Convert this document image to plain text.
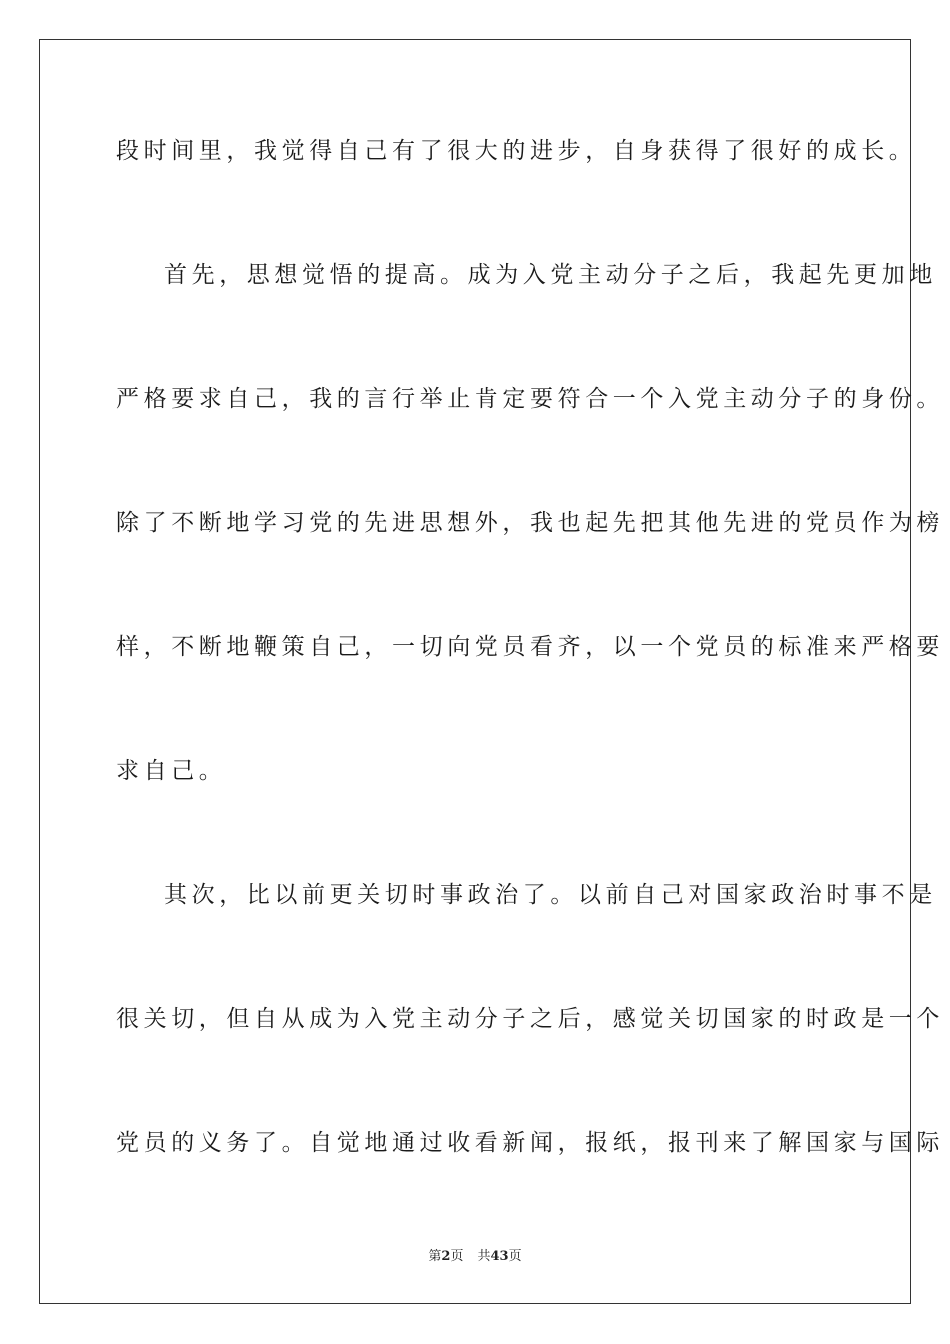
段时间里，我觉得自己有了很大的进步，自身获得了很好的成长。
首先，思想觉悟的提高。成为入党主动分子之后，我起先更加地
严格要求自己，我的言行举止肯定要符合一个入党主动分子的身份。
除了不断地学习党的先进思想外，我也起先把其他先进的党员作为榜
样，不断地鞭策自己，一切向党员看齐，以一个党员的标准来严格要
求自己。
其次，比以前更关切时事政治了。以前自己对国家政治时事不是
很关切，但自从成为入党主动分子之后，感觉关切国家的时政是一个
党员的义务了。自觉地通过收看新闻，报纸，报刊来了解国家与国际
第2页 共43页
